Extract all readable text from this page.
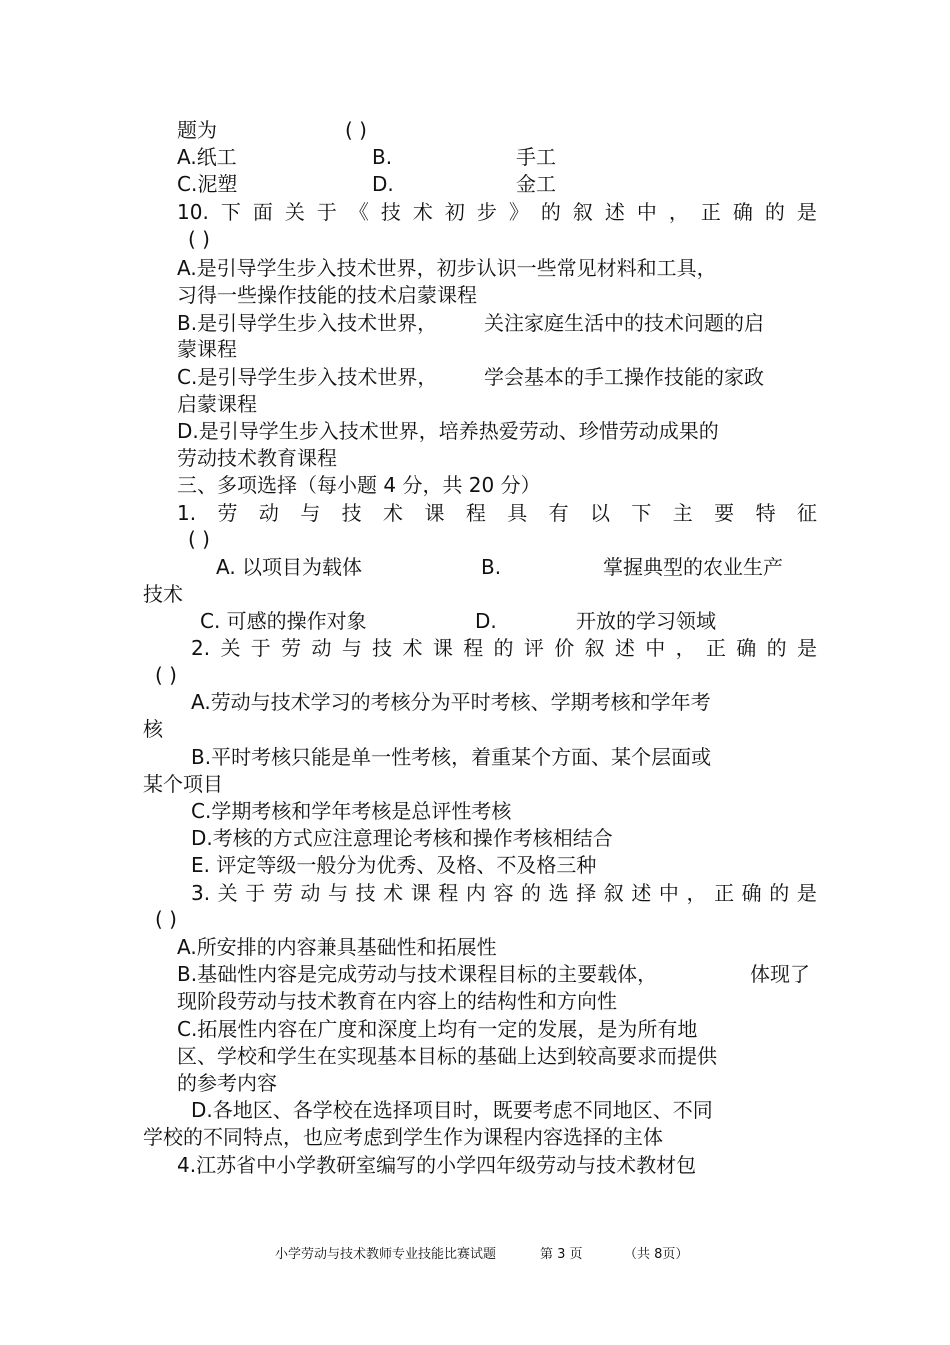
题为	( )
A.纸工	B.	手工
C.泥塑	D.	金工
10. 下 面 关 于 《 技 术 初 步 》 的 叙 述 中 ， 正 确 的 是
( )
A.是引导学生步入技术世界，初步认识一些常见材料和工具，
习得一些操作技能的技术启蒙课程
B.是引导学生步入技术世界， 关注家庭生活中的技术问题的启
蒙课程
C.是引导学生步入技术世界， 学会基本的手工操作技能的家政
启蒙课程
D.是引导学生步入技术世界，培养热爱劳动、珍惜劳动成果的
劳动技术教育课程
三、多项选择（每小题 4 分，共 20 分）
1. 劳 动 与 技 术 课 程 具 有 以 下 主 要 特 征
( )
A. 以项目为载体	B.	掌握典型的农业生产
技术
C. 可感的操作对象	D.	开放的学习领域
2. 关 于 劳 动 与 技 术 课 程 的 评 价 叙 述 中 ， 正 确 的 是
( )
A.劳动与技术学习的考核分为平时考核、学期考核和学年考
核
B.平时考核只能是单一性考核，着重某个方面、某个层面或
某个项目
C.学期考核和学年考核是总评性考核
D.考核的方式应注意理论考核和操作考核相结合
E. 评定等级一般分为优秀、及格、不及格三种
3. 关 于 劳 动 与 技 术 课 程 内 容 的 选 择 叙 述 中 ， 正 确 的 是
( )
A.所安排的内容兼具基础性和拓展性
B.基础性内容是完成劳动与技术课程目标的主要载体，	体现了
现阶段劳动与技术教育在内容上的结构性和方向性
C.拓展性内容在广度和深度上均有一定的发展，是为所有地
区、学校和学生在实现基本目标的基础上达到较高要求而提供
的参考内容
D.各地区、各学校在选择项目时，既要考虑不同地区、不同
学校的不同特点，也应考虑到学生作为课程内容选择的主体
4.江苏省中小学教研室编写的小学四年级劳动与技术教材包
小学劳动与技术教师专业技能比赛试题	第 3 页	（共 8页）
